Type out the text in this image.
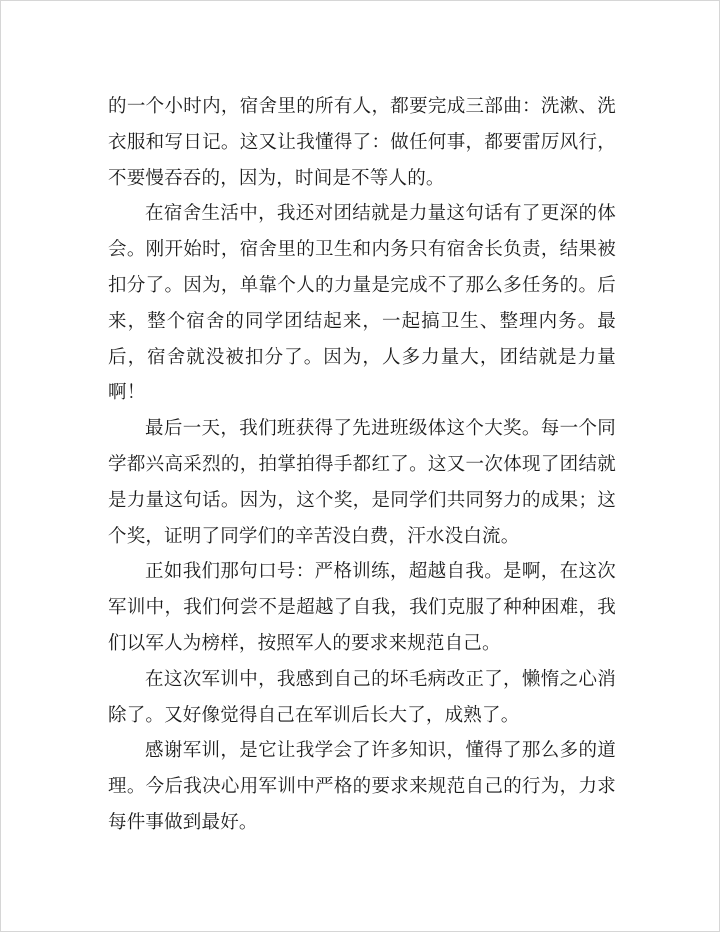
的一个小时内，宿舍里的所有人，都要完成三部曲：洗漱、洗衣服和写日记。这又让我懂得了：做任何事，都要雷厉风行，不要慢吞吞的，因为，时间是不等人的。

在宿舍生活中，我还对团结就是力量这句话有了更深的体会。刚开始时，宿舍里的卫生和内务只有宿舍长负责，结果被扣分了。因为，单靠个人的力量是完成不了那么多任务的。后来，整个宿舍的同学团结起来，一起搞卫生、整理内务。最后，宿舍就没被扣分了。因为，人多力量大，团结就是力量啊！

最后一天，我们班获得了先进班级体这个大奖。每一个同学都兴高采烈的，拍掌拍得手都红了。这又一次体现了团结就是力量这句话。因为，这个奖，是同学们共同努力的成果；这个奖，证明了同学们的辛苦没白费，汗水没白流。

正如我们那句口号：严格训练，超越自我。是啊，在这次军训中，我们何尝不是超越了自我，我们克服了种种困难，我们以军人为榜样，按照军人的要求来规范自己。

在这次军训中，我感到自己的坏毛病改正了，懒惰之心消除了。又好像觉得自己在军训后长大了，成熟了。

感谢军训，是它让我学会了许多知识，懂得了那么多的道理。今后我决心用军训中严格的要求来规范自己的行为，力求每件事做到最好。
